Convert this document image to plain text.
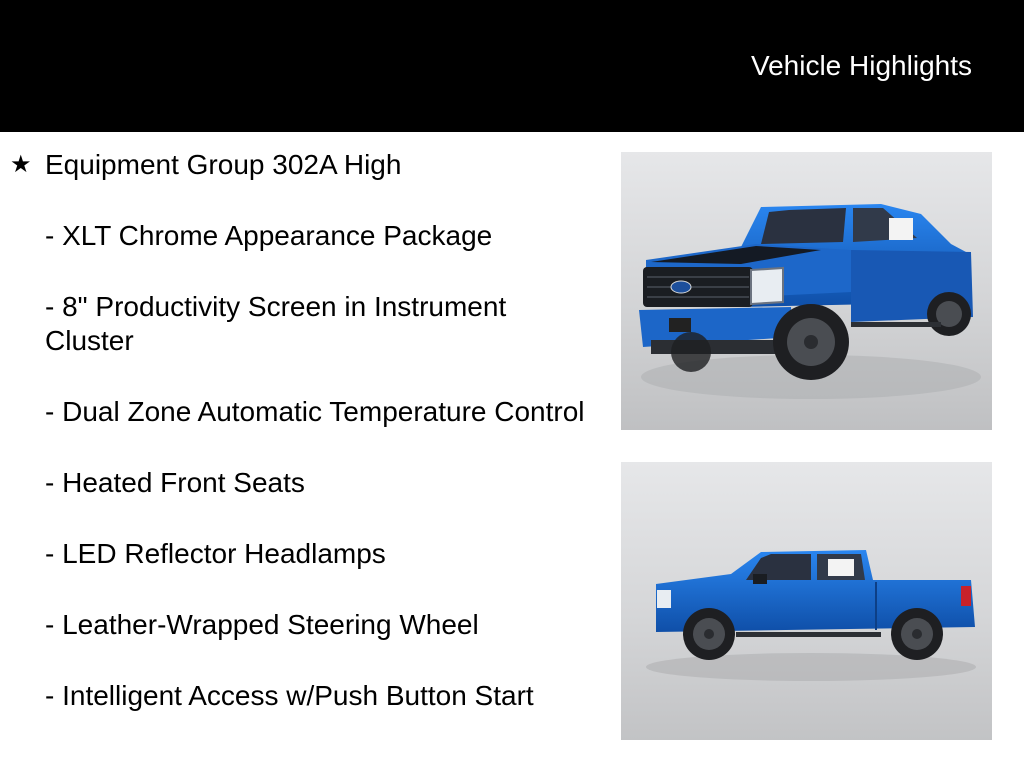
Vehicle Highlights
★ Equipment Group 302A High
- XLT Chrome Appearance Package
- 8" Productivity Screen in Instrument Cluster
- Dual Zone Automatic Temperature Control
- Heated Front Seats
- LED Reflector Headlamps
- Leather-Wrapped Steering Wheel
- Intelligent Access w/Push Button Start
